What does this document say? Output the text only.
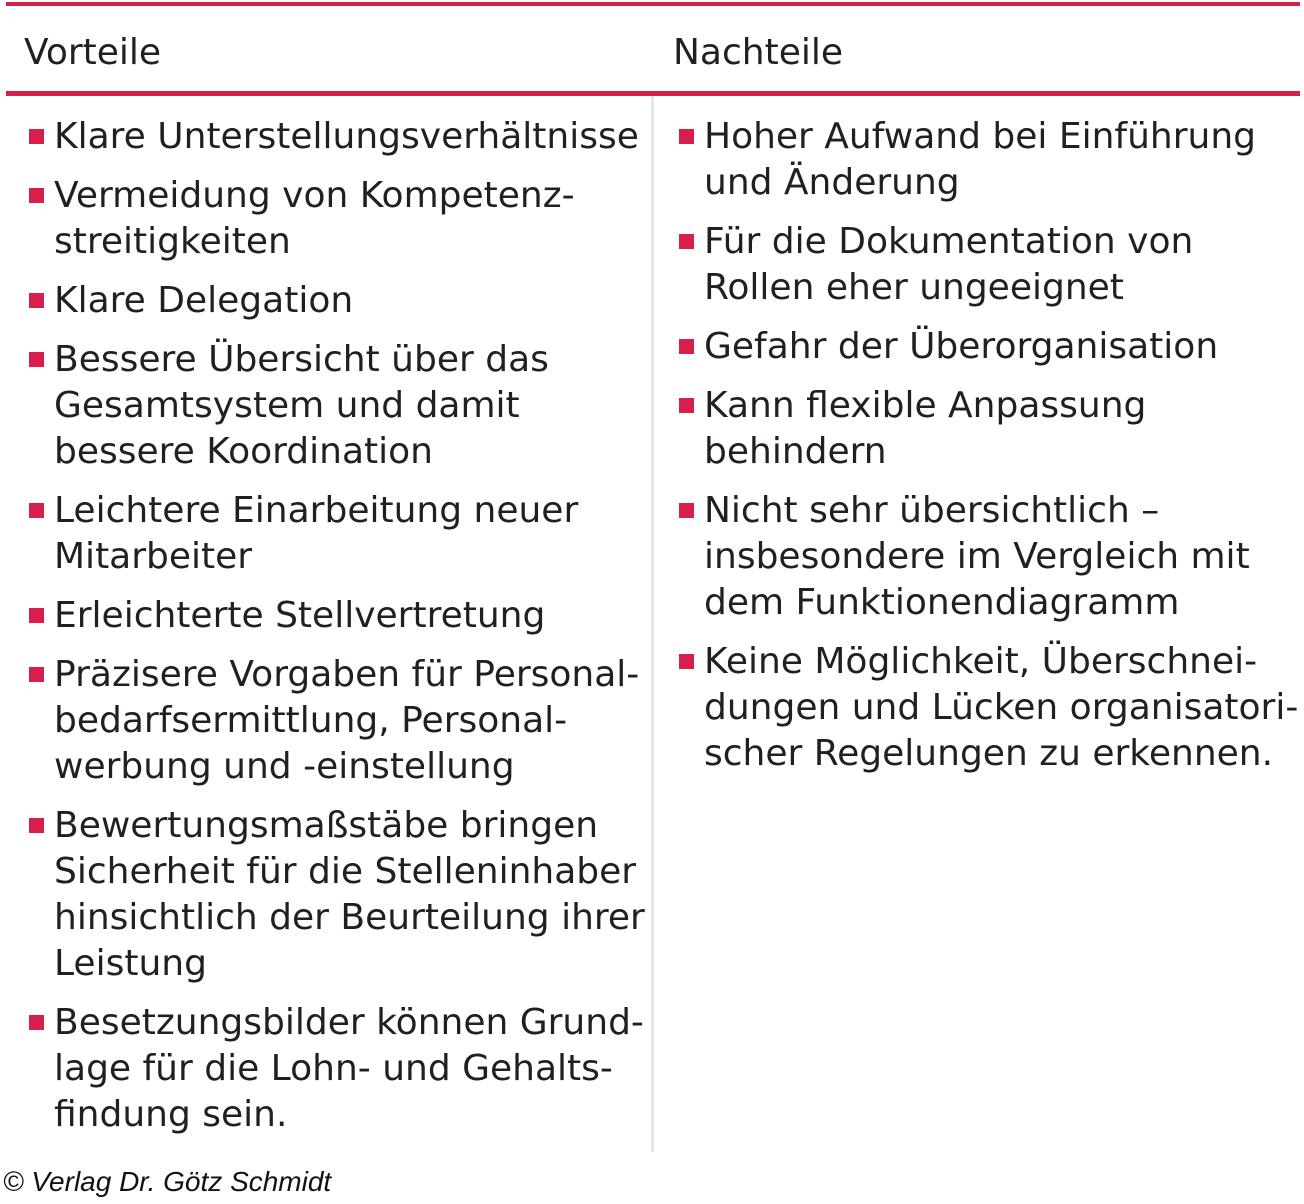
Vorteile	Nachteile
Klare Unterstellungsverhältnisse
Vermeidung von Kompetenz-
streitigkeiten
Klare Delegation
Bessere Übersicht über das
Gesamtsystem und damit
bessere Koordination
Leichtere Einarbeitung neuer
Mitarbeiter
Erleichterte Stellvertretung
Präzisere Vorgaben für Personal-
bedarfsermittlung, Personal-
werbung und -einstellung
Bewertungsmaßstäbe bringen
Sicherheit für die Stelleninhaber
hinsichtlich der Beurteilung ihrer
Leistung
Besetzungsbilder können Grund-
lage für die Lohn- und Gehalts-
findung sein.
Hoher Aufwand bei Einführung
und Änderung
Für die Dokumentation von
Rollen eher ungeeignet
Gefahr der Überorganisation
Kann flexible Anpassung
behindern
Nicht sehr übersichtlich –
insbesondere im Vergleich mit
dem Funktionendiagramm
Keine Möglichkeit, Überschnei-
dungen und Lücken organisatori-
scher Regelungen zu erkennen.
© Verlag Dr. Götz Schmidt
